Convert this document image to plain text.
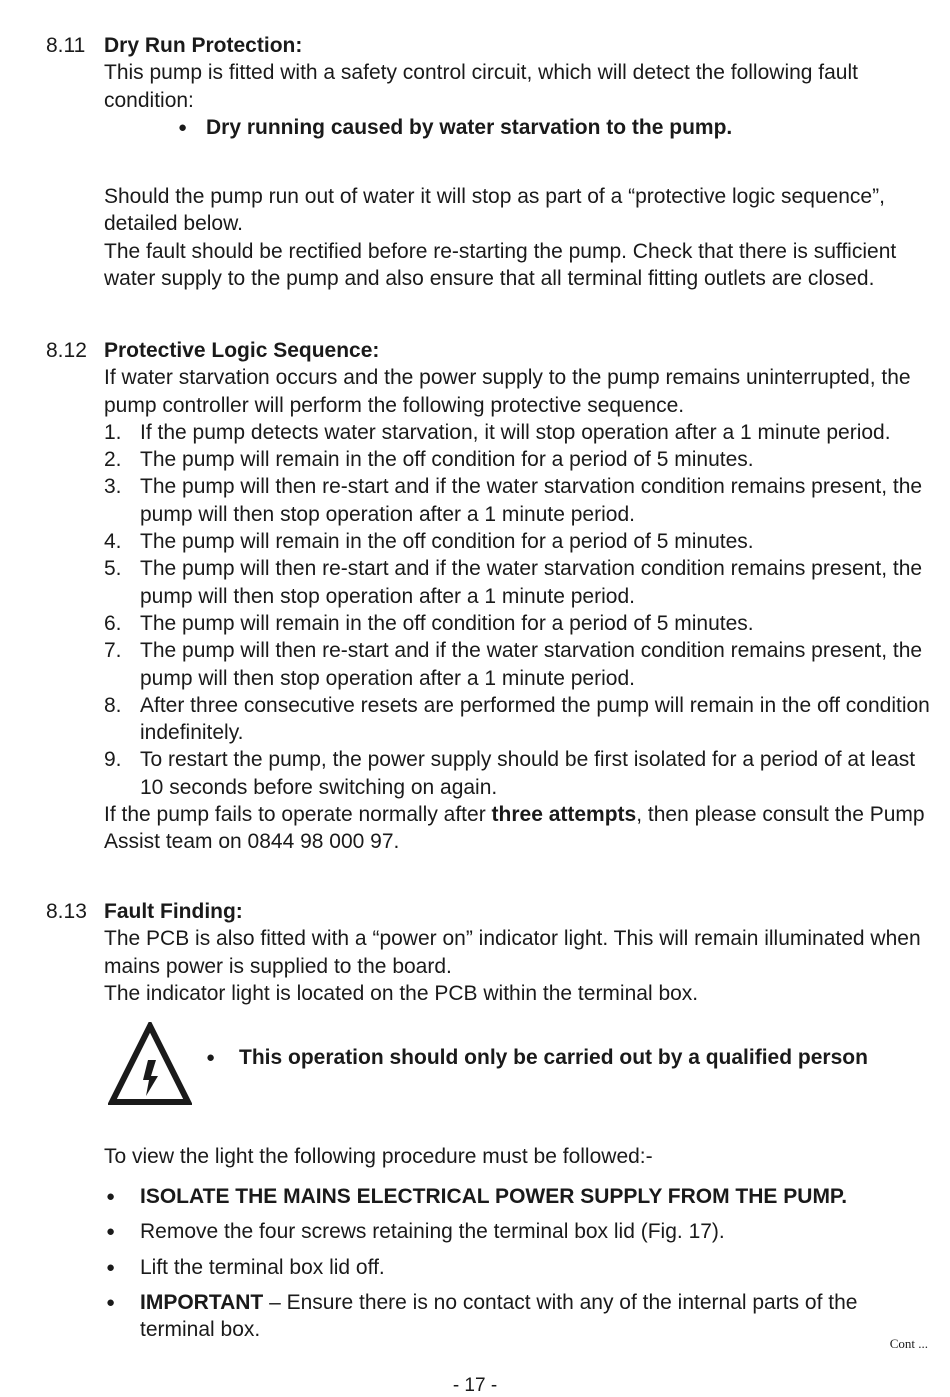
8.11 Dry Run Protection:
This pump is fitted with a safety control circuit, which will detect the following fault condition:
● Dry running caused by water starvation to the pump.
Should the pump run out of water it will stop as part of a “protective logic sequence”, detailed below.
The fault should be rectified before re-starting the pump. Check that there is sufficient water supply to the pump and also ensure that all terminal fitting outlets are closed.
8.12 Protective Logic Sequence:
If water starvation occurs and the power supply to the pump remains uninterrupted, the pump controller will perform the following protective sequence.
1. If the pump detects water starvation, it will stop operation after a 1 minute period.
2. The pump will remain in the off condition for a period of 5 minutes.
3. The pump will then re-start and if the water starvation condition remains present, the pump will then stop operation after a 1 minute period.
4. The pump will remain in the off condition for a period of 5 minutes.
5. The pump will then re-start and if the water starvation condition remains present, the pump will then stop operation after a 1 minute period.
6. The pump will remain in the off condition for a period of 5 minutes.
7. The pump will then re-start and if the water starvation condition remains present, the pump will then stop operation after a 1 minute period.
8. After three consecutive resets are performed the pump will remain in the off condition indefinitely.
9. To restart the pump, the power supply should be first isolated for a period of at least 10 seconds before switching on again.
If the pump fails to operate normally after three attempts, then please consult the Pump Assist team on 0844 98 000 97.
8.13 Fault Finding:
The PCB is also fitted with a “power on” indicator light. This will remain illuminated when mains power is supplied to the board.
The indicator light is located on the PCB within the terminal box.
● This operation should only be carried out by a qualified person
To view the light the following procedure must be followed:-
● ISOLATE THE MAINS ELECTRICAL POWER SUPPLY FROM THE PUMP.
● Remove the four screws retaining the terminal box lid (Fig. 17).
● Lift the terminal box lid off.
● IMPORTANT – Ensure there is no contact with any of the internal parts of the terminal box.
Cont ...
- 17 -
